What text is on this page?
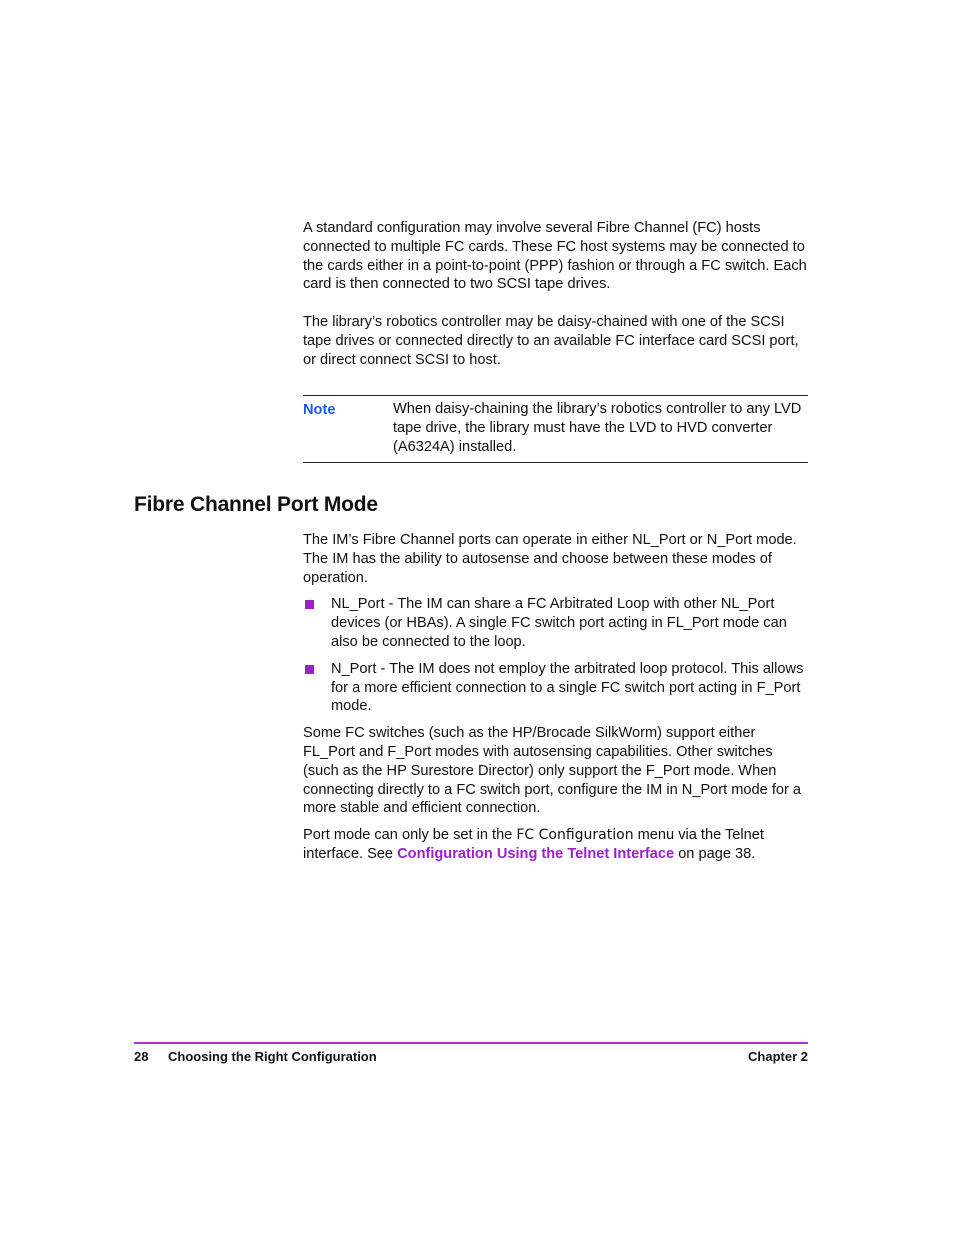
A standard configuration may involve several Fibre Channel (FC) hosts connected to multiple FC cards. These FC host systems may be connected to the cards either in a point-to-point (PPP) fashion or through a FC switch. Each card is then connected to two SCSI tape drives.

The library’s robotics controller may be daisy-chained with one of the SCSI tape drives or connected directly to an available FC interface card SCSI port, or direct connect SCSI to host.

Note	When daisy-chaining the library’s robotics controller to any LVD tape drive, the library must have the LVD to HVD converter (A6324A) installed.
Fibre Channel Port Mode

The IM’s Fibre Channel ports can operate in either NL_Port or N_Port mode. The IM has the ability to autosense and choose between these modes of operation.

NL_Port - The IM can share a FC Arbitrated Loop with other NL_Port devices (or HBAs). A single FC switch port acting in FL_Port mode can also be connected to the loop.
N_Port - The IM does not employ the arbitrated loop protocol. This allows for a more efficient connection to a single FC switch port acting in F_Port mode.

Some FC switches (such as the HP/Brocade SilkWorm) support either FL_Port and F_Port modes with autosensing capabilities. Other switches (such as the HP Surestore Director) only support the F_Port mode. When connecting directly to a FC switch port, configure the IM in N_Port mode for a more stable and efficient connection.

Port mode can only be set in the FC Configuration menu via the Telnet interface. See Configuration Using the Telnet Interface on page 38.

28 Choosing the Right Configuration	Chapter 2
